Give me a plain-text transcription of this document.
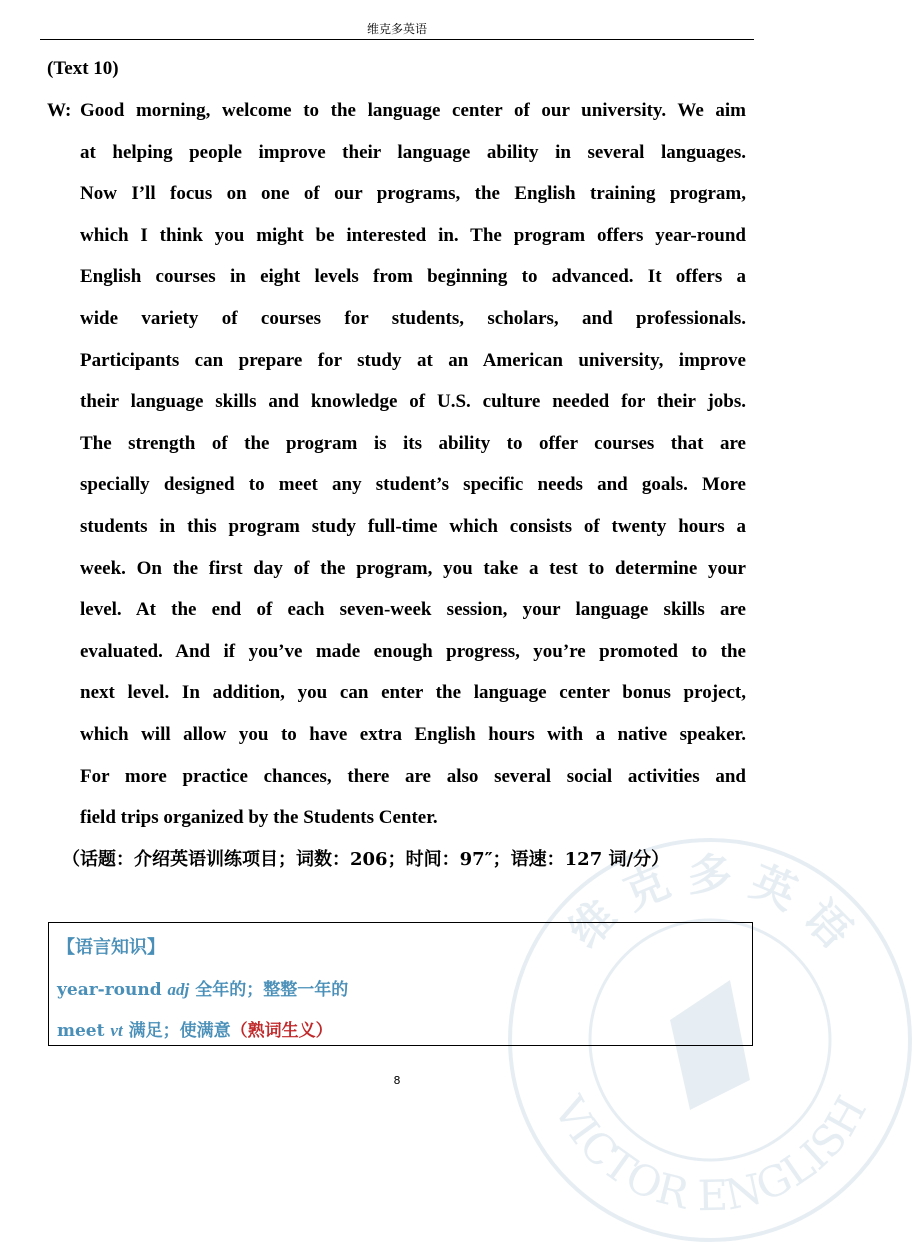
维 克 多 英 语
VICTOR ENGLISH
维克多英语
(Text 10)
W: Good morning, welcome to the language center of our university. We aim
at helping people improve their language ability in several languages.
Now I’ll focus on one of our programs, the English training program,
which I think you might be interested in. The program offers year-round
English courses in eight levels from beginning to advanced. It offers a
wide variety of courses for students, scholars, and professionals.
Participants can prepare for study at an American university, improve
their language skills and knowledge of U.S. culture needed for their jobs.
The strength of the program is its ability to offer courses that are
specially designed to meet any student’s specific needs and goals. More
students in this program study full-time which consists of twenty hours a
week. On the first day of the program, you take a test to determine your
level. At the end of each seven-week session, your language skills are
evaluated. And if you’ve made enough progress, you’re promoted to the
next level. In addition, you can enter the language center bonus project,
which will allow you to have extra English hours with a native speaker.
For more practice chances, there are also several social activities and
field trips organized by the Students Center.
（话题：介绍英语训练项目；词数：206；时间：97″；语速：127 词/分）
【语言知识】
year-round adj 全年的；整整一年的
meet vt 满足；使满意（熟词生义）
8
